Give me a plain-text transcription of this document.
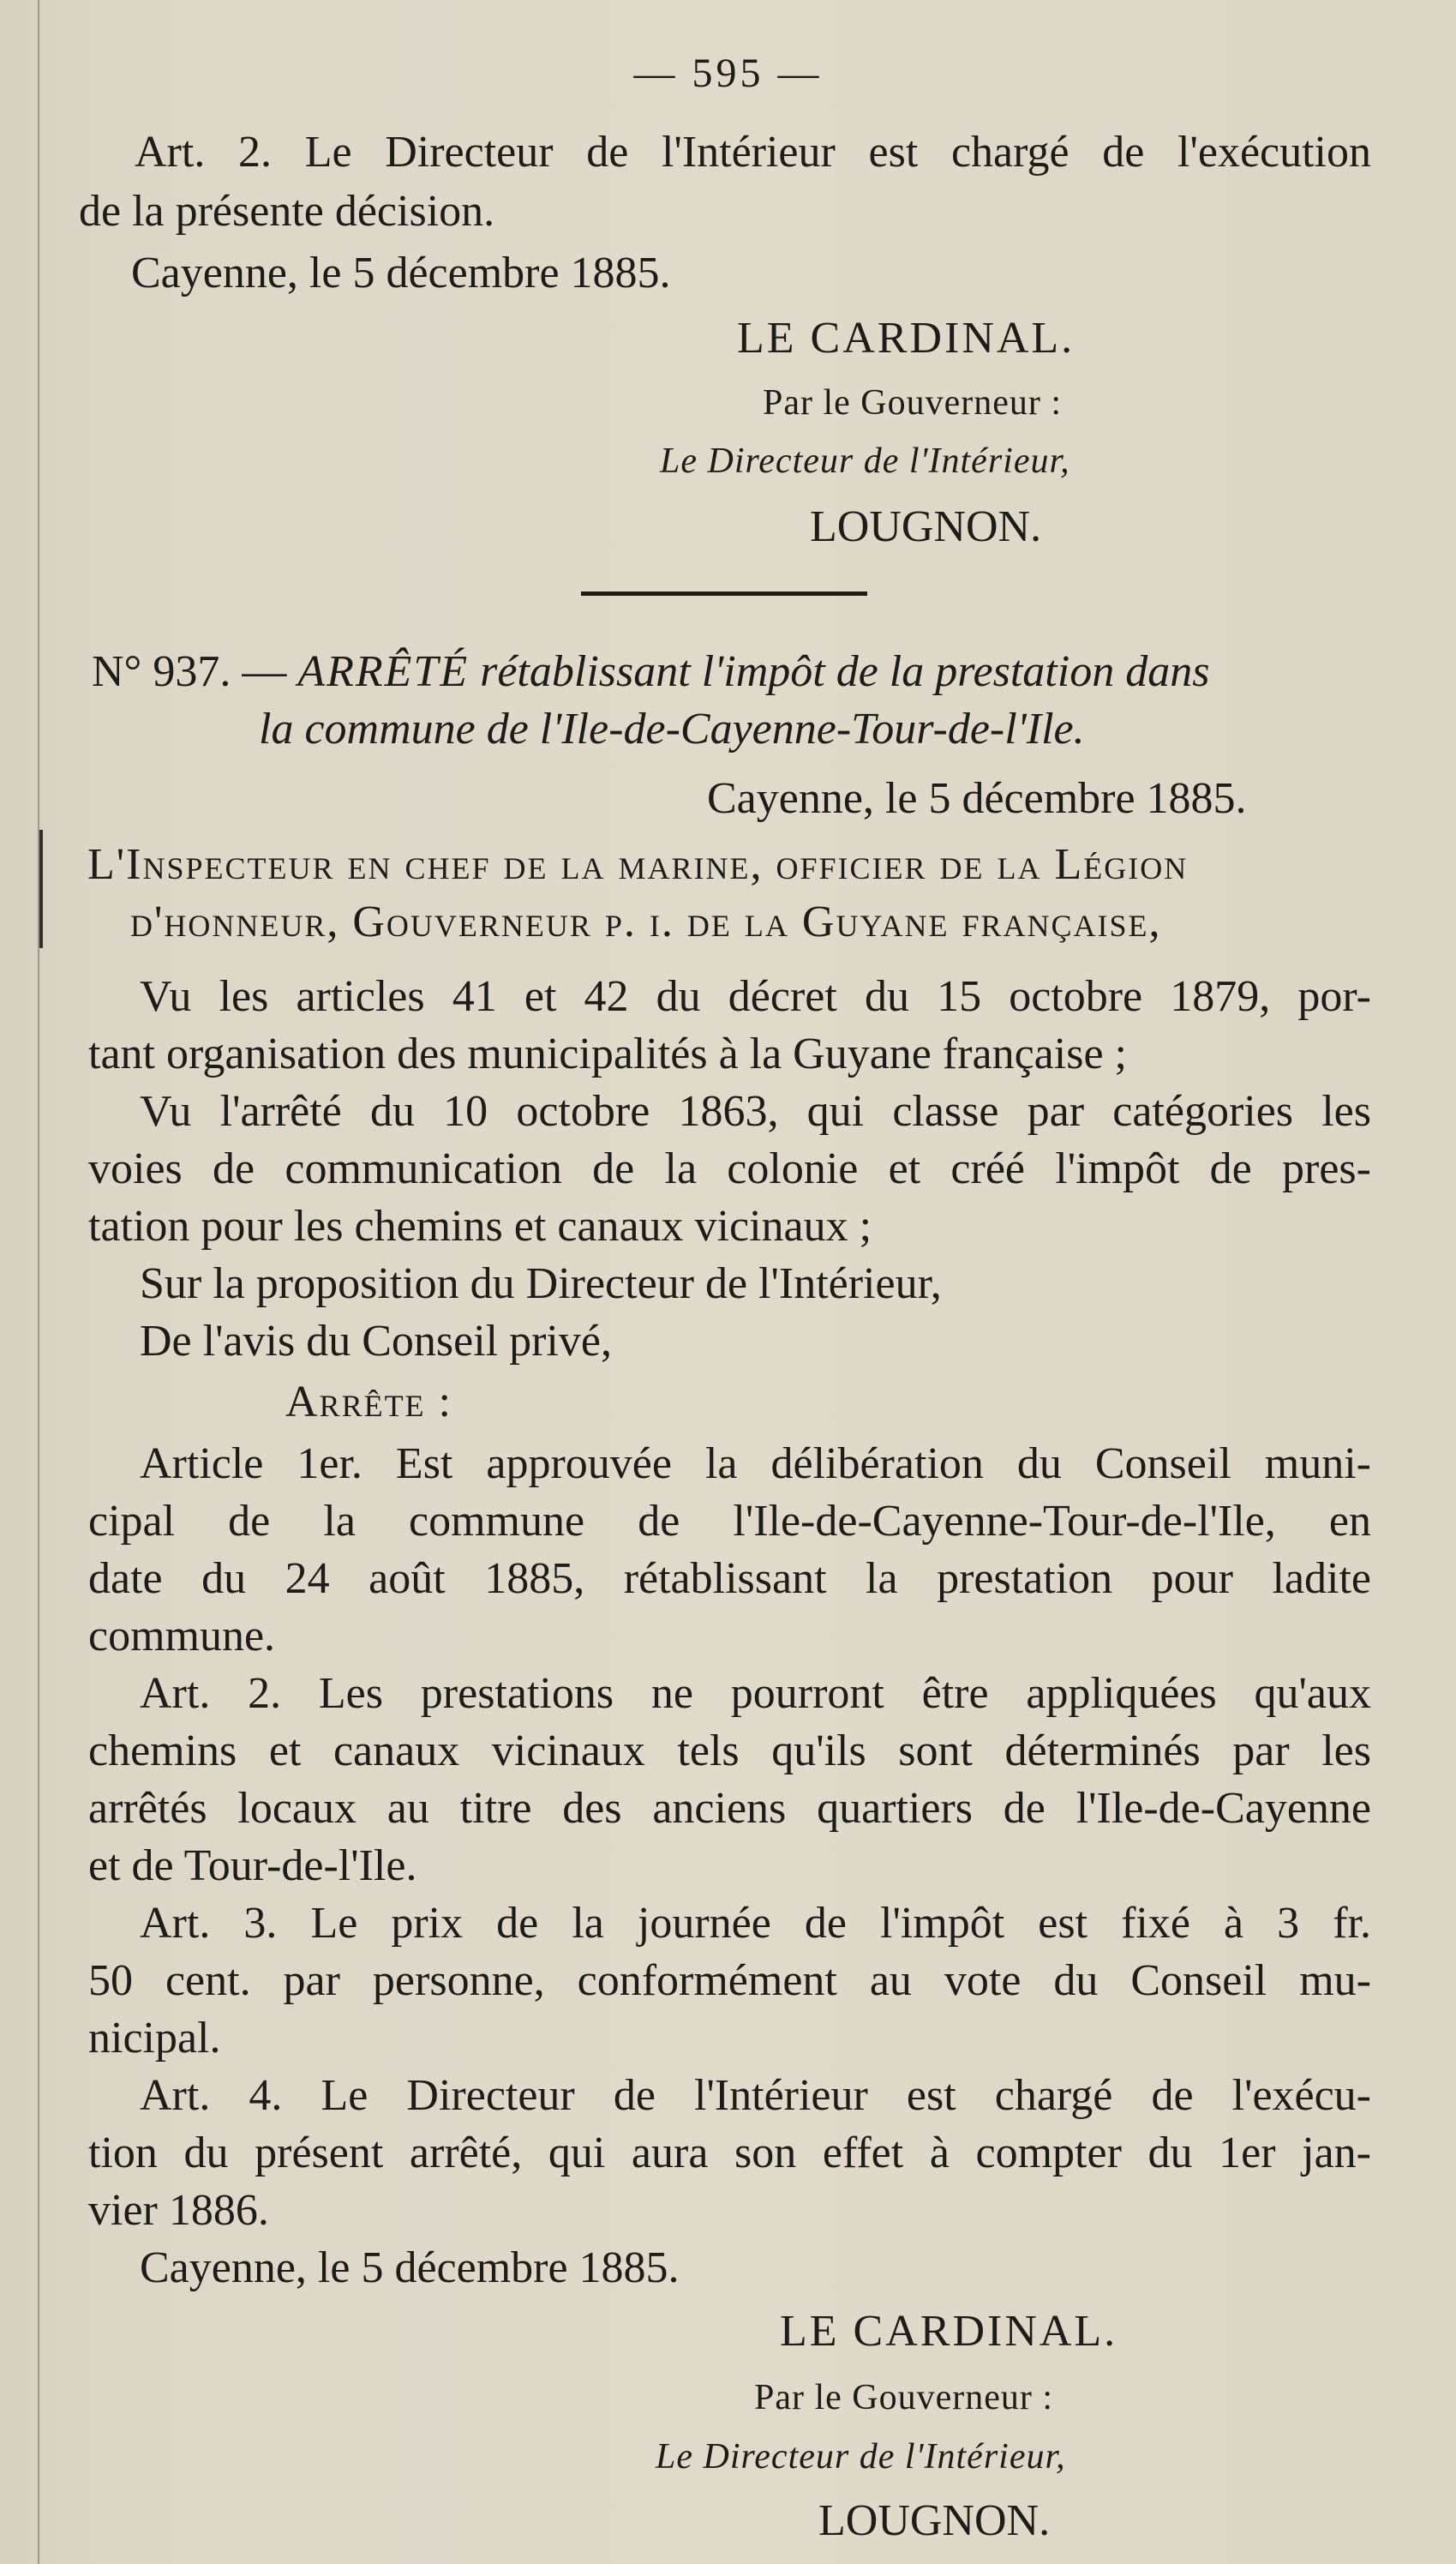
— 595 —
Art. 2. Le Directeur de l'Intérieur est chargé de l'exécution
de la présente décision.
Cayenne, le 5 décembre 1885.
LE CARDINAL.
Par le Gouverneur :
Le Directeur de l'Intérieur,
LOUGNON.
N° 937. — ARRÊTÉ rétablissant l'impôt de la prestation dans
la commune de l'Ile-de-Cayenne-Tour-de-l'Ile.
Cayenne, le 5 décembre 1885.
L'Inspecteur en chef de la marine, officier de la Légion
d'honneur, Gouverneur p. i. de la Guyane française,
Vu les articles 41 et 42 du décret du 15 octobre 1879, por-
tant organisation des municipalités à la Guyane française ;
Vu l'arrêté du 10 octobre 1863, qui classe par catégories les
voies de communication de la colonie et créé l'impôt de pres-
tation pour les chemins et canaux vicinaux ;
Sur la proposition du Directeur de l'Intérieur,
De l'avis du Conseil privé,
Arrête :
Article 1er. Est approuvée la délibération du Conseil muni-
cipal de la commune de l'Ile-de-Cayenne-Tour-de-l'Ile, en
date du 24 août 1885, rétablissant la prestation pour ladite
commune.
Art. 2. Les prestations ne pourront être appliquées qu'aux
chemins et canaux vicinaux tels qu'ils sont déterminés par les
arrêtés locaux au titre des anciens quartiers de l'Ile-de-Cayenne
et de Tour-de-l'Ile.
Art. 3. Le prix de la journée de l'impôt est fixé à 3 fr.
50 cent. par personne, conformément au vote du Conseil mu-
nicipal.
Art. 4. Le Directeur de l'Intérieur est chargé de l'exécu-
tion du présent arrêté, qui aura son effet à compter du 1er jan-
vier 1886.
Cayenne, le 5 décembre 1885.
LE CARDINAL.
Par le Gouverneur :
Le Directeur de l'Intérieur,
LOUGNON.
